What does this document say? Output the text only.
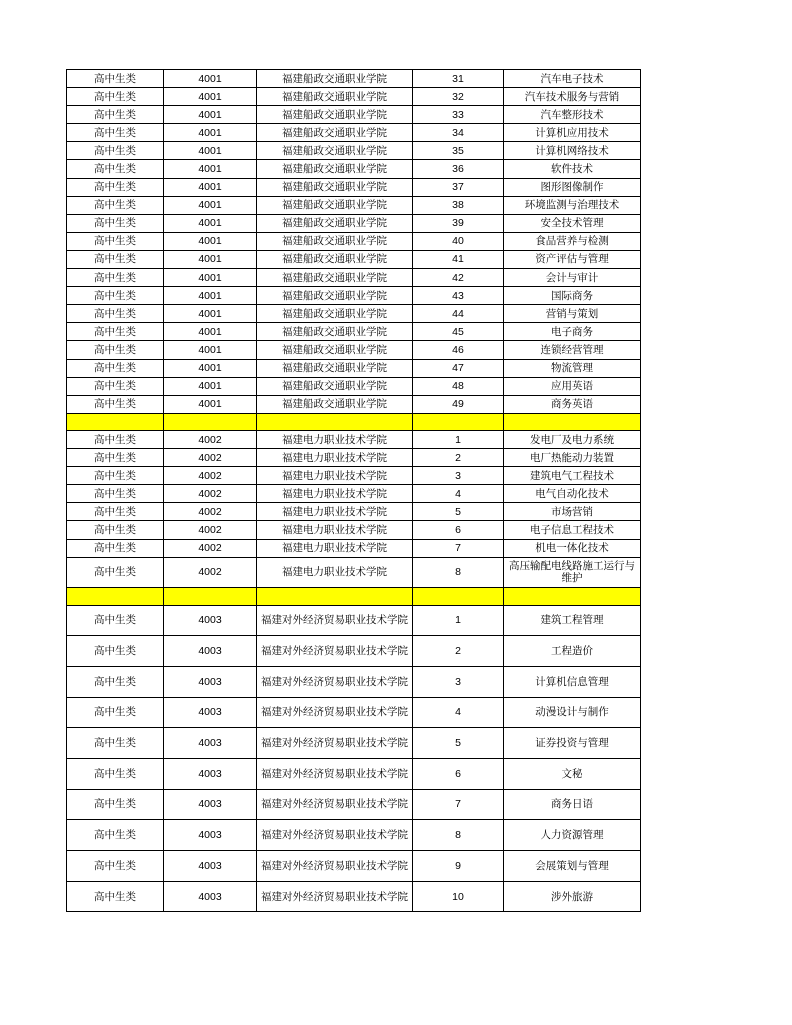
高中生类	4001	福建船政交通职业学院	31	汽车电子技术
高中生类	4001	福建船政交通职业学院	32	汽车技术服务与营销
高中生类	4001	福建船政交通职业学院	33	汽车整形技术
高中生类	4001	福建船政交通职业学院	34	计算机应用技术
高中生类	4001	福建船政交通职业学院	35	计算机网络技术
高中生类	4001	福建船政交通职业学院	36	软件技术
高中生类	4001	福建船政交通职业学院	37	图形图像制作
高中生类	4001	福建船政交通职业学院	38	环境监测与治理技术
高中生类	4001	福建船政交通职业学院	39	安全技术管理
高中生类	4001	福建船政交通职业学院	40	食品营养与检测
高中生类	4001	福建船政交通职业学院	41	资产评估与管理
高中生类	4001	福建船政交通职业学院	42	会计与审计
高中生类	4001	福建船政交通职业学院	43	国际商务
高中生类	4001	福建船政交通职业学院	44	营销与策划
高中生类	4001	福建船政交通职业学院	45	电子商务
高中生类	4001	福建船政交通职业学院	46	连锁经营管理
高中生类	4001	福建船政交通职业学院	47	物流管理
高中生类	4001	福建船政交通职业学院	48	应用英语
高中生类	4001	福建船政交通职业学院	49	商务英语

高中生类	4002	福建电力职业技术学院	1	发电厂及电力系统
高中生类	4002	福建电力职业技术学院	2	电厂热能动力装置
高中生类	4002	福建电力职业技术学院	3	建筑电气工程技术
高中生类	4002	福建电力职业技术学院	4	电气自动化技术
高中生类	4002	福建电力职业技术学院	5	市场营销
高中生类	4002	福建电力职业技术学院	6	电子信息工程技术
高中生类	4002	福建电力职业技术学院	7	机电一体化技术
高中生类	4002	福建电力职业技术学院	8	高压输配电线路施工运行与维护

高中生类	4003	福建对外经济贸易职业技术学院	1	建筑工程管理
高中生类	4003	福建对外经济贸易职业技术学院	2	工程造价
高中生类	4003	福建对外经济贸易职业技术学院	3	计算机信息管理
高中生类	4003	福建对外经济贸易职业技术学院	4	动漫设计与制作
高中生类	4003	福建对外经济贸易职业技术学院	5	证券投资与管理
高中生类	4003	福建对外经济贸易职业技术学院	6	文秘
高中生类	4003	福建对外经济贸易职业技术学院	7	商务日语
高中生类	4003	福建对外经济贸易职业技术学院	8	人力资源管理
高中生类	4003	福建对外经济贸易职业技术学院	9	会展策划与管理
高中生类	4003	福建对外经济贸易职业技术学院	10	涉外旅游
